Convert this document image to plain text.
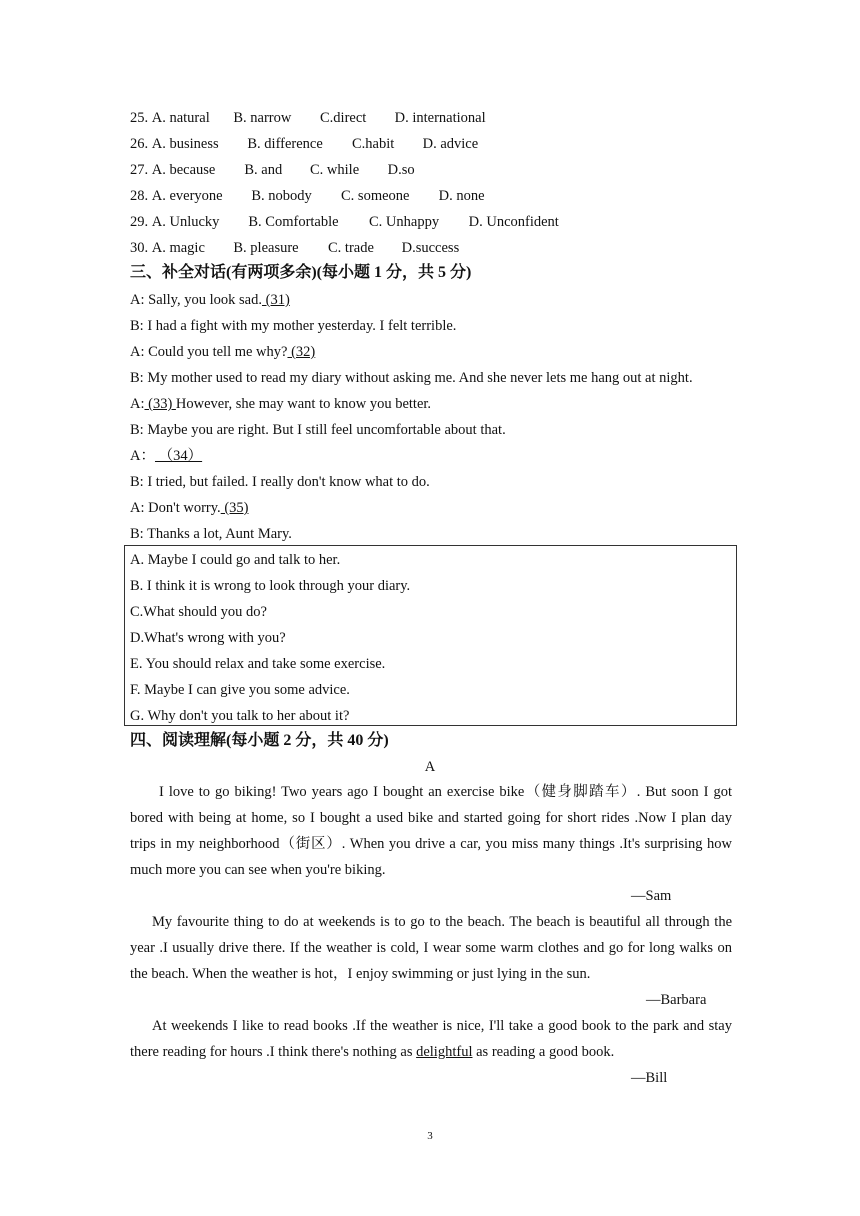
25. A. natural B. narrow C.direct D. international
26. A. business B. difference C.habit D. advice
27. A. because B. and C. while D.so
28. A. everyone B. nobody C. someone D. none
29. A. Unlucky B. Comfortable C. Unhappy D. Unconfident
30. A. magic B. pleasure C. trade D.success
三、补全对话(有两项多余)(每小题 1 分，共 5 分)
A: Sally, you look sad. (31)
B: I had a fight with my mother yesterday. I felt terrible.
A: Could you tell me why? (32)
B: My mother used to read my diary without asking me. And she never lets me hang out at night.
A: (33) However, she may want to know you better.
B: Maybe you are right. But I still feel uncomfortable about that.
A： （34）
B: I tried, but failed. I really don't know what to do.
A: Don't worry. (35)
B: Thanks a lot, Aunt Mary.
A. Maybe I could go and talk to her.
B. I think it is wrong to look through your diary.
C.What should you do?
D.What's wrong with you?
E. You should relax and take some exercise.
F. Maybe I can give you some advice.
G. Why don't you talk to her about it?
四、阅读理解(每小题 2 分，共 40 分)
A
I love to go biking! Two years ago I bought an exercise bike（健身脚踏车）. But soon I got bored with being at home, so I bought a used bike and started going for short rides .Now I plan day trips in my neighborhood（街区）. When you drive a car, you miss many things .It's surprising how much more you can see when you're biking.
—Sam
My favourite thing to do at weekends is to go to the beach. The beach is beautiful all through the year .I usually drive there. If the weather is cold, I wear some warm clothes and go for long walks on the beach. When the weather is hot，I enjoy swimming or just lying in the sun.
—Barbara
At weekends I like to read books .If the weather is nice, I'll take a good book to the park and stay there reading for hours .I think there's nothing as delightful as reading a good book.
—Bill
3
